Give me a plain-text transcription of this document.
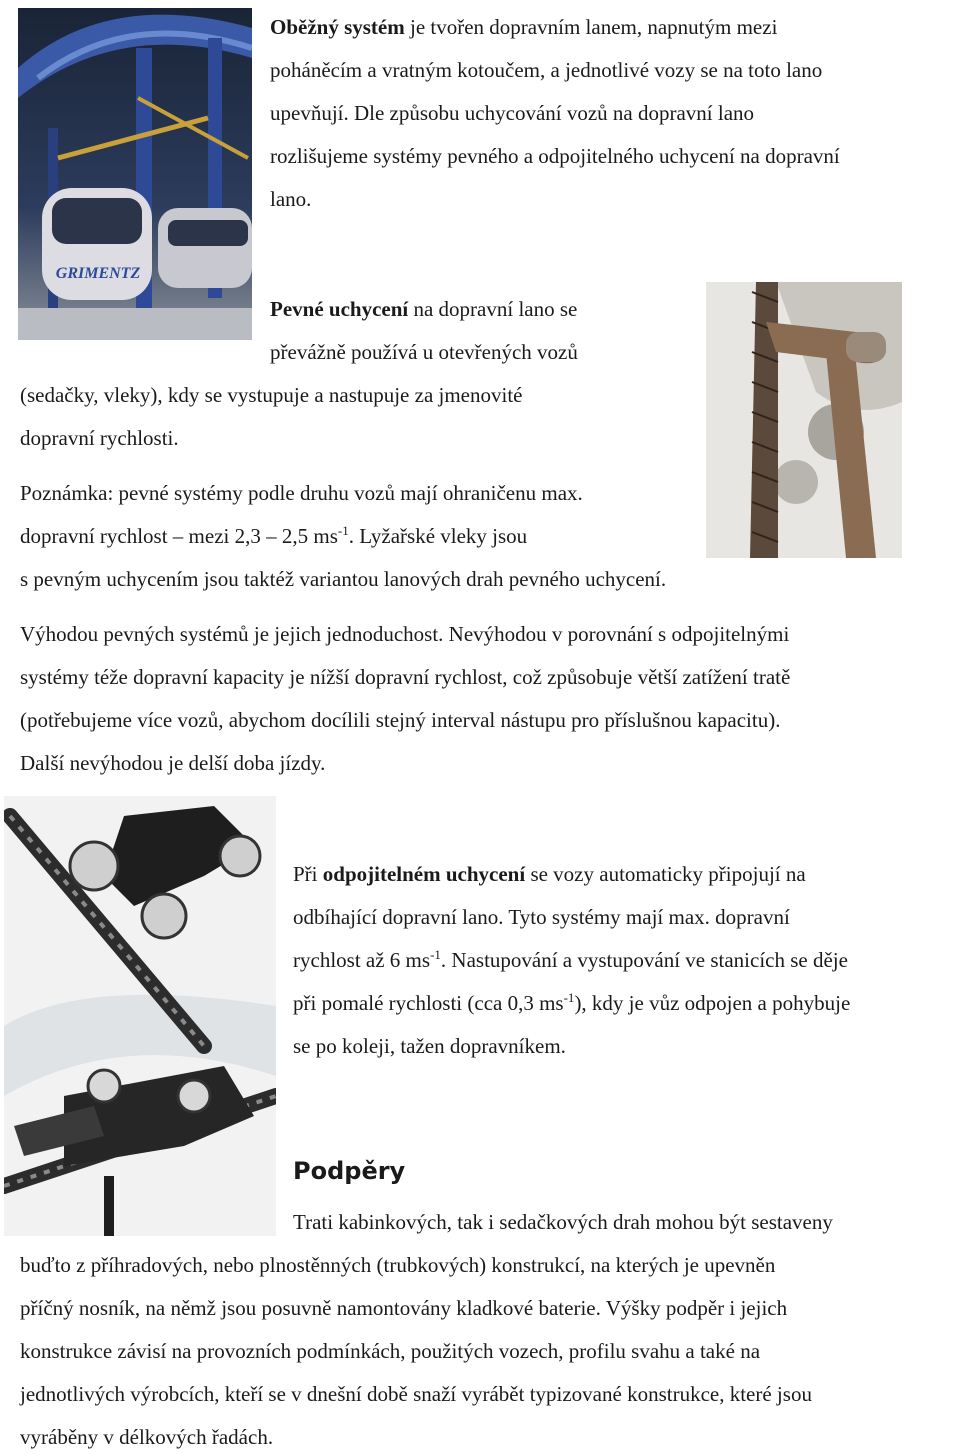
GRIMENTZ
Oběžný systém je tvořen dopravním lanem, napnutým mezi
poháněcím a vratným kotoučem, a jednotlivé vozy se na toto lano
upevňují. Dle způsobu uchycování vozů na dopravní lano
rozlišujeme systémy pevného a odpojitelného uchycení na dopravní
lano.
Pevné uchycení na dopravní lano se
převážně používá u otevřených vozů
(sedačky, vleky), kdy se vystupuje a nastupuje za jmenovité
dopravní rychlosti.
Poznámka: pevné systémy podle druhu vozů mají ohraničenu max.
dopravní rychlost – mezi 2,3 – 2,5 $ms^{-1}$. Lyžařské vleky jsou
s pevným uchycením jsou taktéž variantou lanových drah pevného uchycení.
Výhodou pevných systémů je jejich jednoduchost. Nevýhodou v porovnání s odpojitelnými
systémy téže dopravní kapacity je nížší dopravní rychlost, což způsobuje větší zatížení tratě
(potřebujeme více vozů, abychom docílili stejný interval nástupu pro příslušnou kapacitu).
Další nevýhodou je delší doba jízdy.
Při odpojitelném uchycení se vozy automaticky připojují na
odbíhající dopravní lano. Tyto systémy mají max. dopravní
rychlost až 6 $ms^{-1}$. Nastupování a vystupování ve stanicích se děje
při pomalé rychlosti (cca 0,3 $ms^{-1}$), kdy je vůz odpojen a pohybuje
se po koleji, tažen dopravníkem.
Podpěry
Trati kabinkových, tak i sedačkových drah mohou být sestaveny
buďto z příhradových, nebo plnostěnných (trubkových) konstrukcí, na kterých je upevněn
příčný nosník, na němž jsou posuvně namontovány kladkové baterie. Výšky podpěr i jejich
konstrukce závisí na provozních podmínkách, použitých vozech, profilu svahu a také na
jednotlivých výrobcích, kteří se v dnešní době snaží vyrábět typizované konstrukce, které jsou
vyráběny v délkových řadách.
